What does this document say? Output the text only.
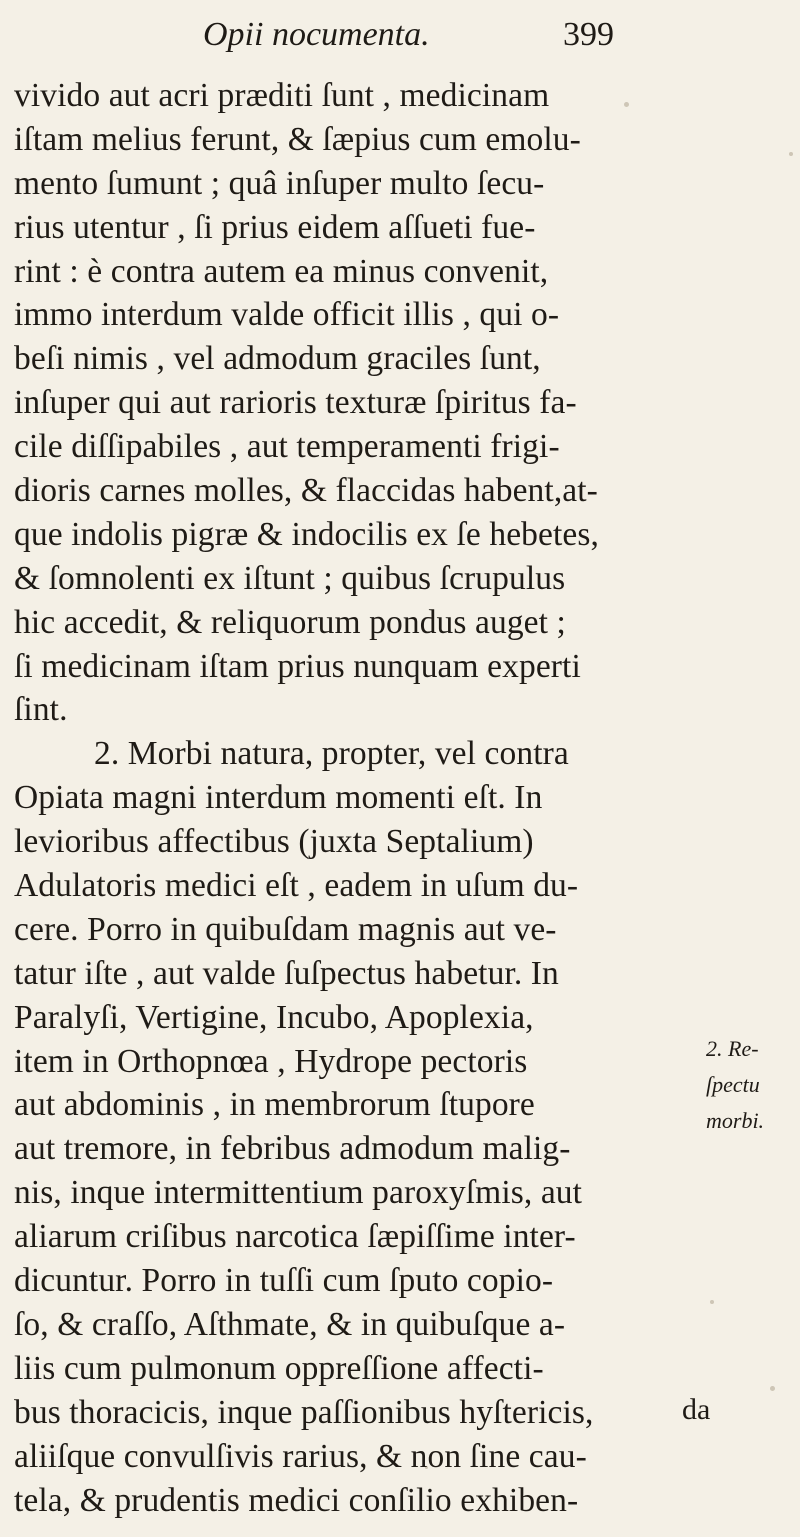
Opii nocumenta.	399
vivido aut acri præditi ſunt , medicinam
iſtam melius ferunt, & ſæpius cum emolu-
mento ſumunt ; quâ inſuper multo ſecu-
rius utentur , ſi prius eidem aſſueti fue-
rint : è contra autem ea minus convenit,
immo interdum valde officit illis , qui o-
beſi nimis , vel admodum graciles ſunt,
inſuper qui aut rarioris texturæ ſpiritus fa-
cile diſſipabiles , aut temperamenti frigi-
dioris carnes molles, & flaccidas habent,at-
que indolis pigræ & indocilis ex ſe hebetes,
& ſomnolenti ex iſtunt ; quibus ſcrupulus
hic accedit, & reliquorum pondus auget ;
ſi medicinam iſtam prius nunquam experti
ſint.
2. Morbi natura, propter, vel contra
Opiata magni interdum momenti eſt. In
levioribus affectibus (juxta Septalium)
Adulatoris medici eſt , eadem in uſum du-
cere. Porro in quibuſdam magnis aut ve-
tatur iſte , aut valde ſuſpectus habetur. In
Paralyſi, Vertigine, Incubo, Apoplexia,
item in Orthopnœa , Hydrope pectoris
aut abdominis , in membrorum ſtupore
aut tremore, in febribus admodum malig-
nis, inque intermittentium paroxyſmis, aut
aliarum criſibus narcotica ſæpiſſime inter-
dicuntur. Porro in tuſſi cum ſputo copio-
ſo, & craſſo, Aſthmate, & in quibuſque a-
liis cum pulmonum oppreſſione affecti-
bus thoracicis, inque paſſionibus hyſtericis,
aliiſque convulſivis rarius, & non ſine cau-
tela, & prudentis medici conſilio exhiben-
da
2. Re-
ſpectu
morbi.
